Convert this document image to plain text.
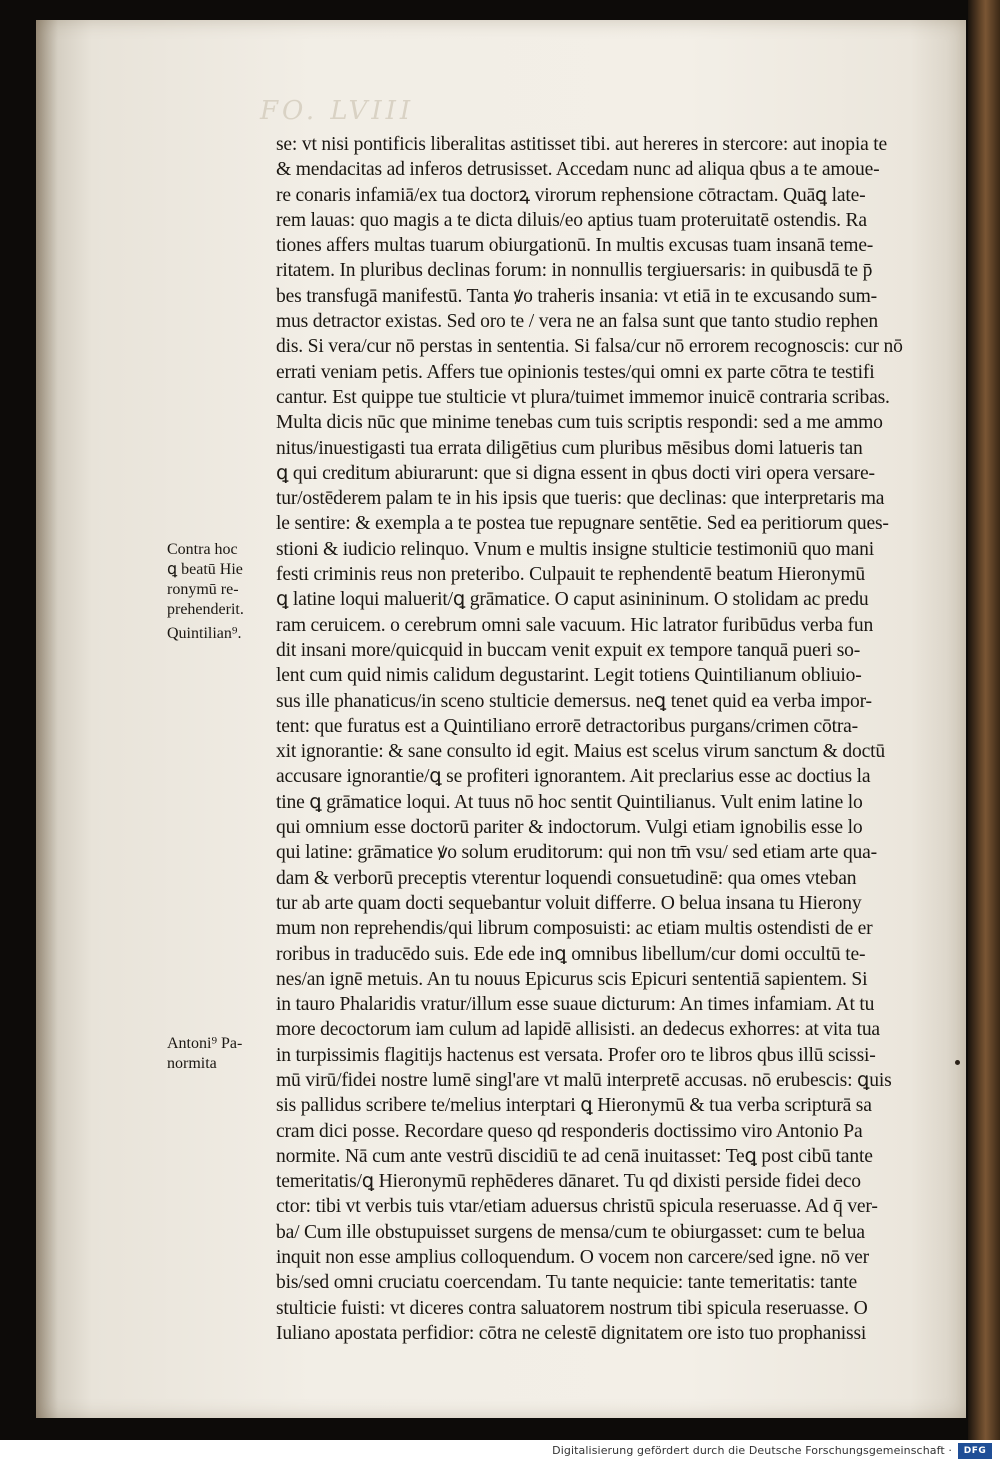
FO. LVIII
se: vt nisi pontificis liberalitas astitisset tibi. aut hereres in stercore: aut inopia te
& mendacitas ad inferos detrusisset. Accedam nunc ad aliqua qbus a te amoue-
re conaris infamiā/ex tua doctorꝝ virorum rephensione cōtractam. Quāꝗ late-
rem lauas: quo magis a te dicta diluis/eo aptius tuam proteruitatē ostendis. Ra
tiones affers multas tuarum obiurgationū. In multis excusas tuam insanā teme-
ritatem. In pluribus declinas forum: in nonnullis tergiuersaris: in quibusdā te p̄
bes transfugā manifestū. Tanta ꝟo traheris insania: vt etiā in te excusando sum-
mus detractor existas. Sed oro te / vera ne an falsa sunt que tanto studio rephen
dis. Si vera/cur nō perstas in sententia. Si falsa/cur nō errorem recognoscis: cur nō
errati veniam petis. Affers tue opinionis testes/qui omni ex parte cōtra te testifi
cantur. Est quippe tue stulticie vt plura/tuimet immemor inuicē contraria scribas.
Multa dicis nūc que minime tenebas cum tuis scriptis respondi: sed a me ammo
nitus/inuestigasti tua errata diligētius cum pluribus mēsibus domi latueris tan
ꝗ qui creditum abiurarunt: que si digna essent in qbus docti viri opera versare-
tur/ostēderem palam te in his ipsis que tueris: que declinas: que interpretaris ma
le sentire: & exempla a te postea tue repugnare sentētie. Sed ea peritiorum ques-
stioni & iudicio relinquo. Vnum e multis insigne stulticie testimoniū quo mani
festi criminis reus non preteribo. Culpauit te rephendentē beatum Hieronymū
ꝗ latine loqui maluerit/ꝗ grāmatice. O caput asinininum. O stolidam ac predu
ram ceruicem. o cerebrum omni sale vacuum. Hic latrator furibūdus verba fun
dit insani more/quicquid in buccam venit expuit ex tempore tanquā pueri so-
lent cum quid nimis calidum degustarint. Legit totiens Quintilianum obliuio-
sus ille phanaticus/in sceno stulticie demersus. neꝗ tenet quid ea verba impor-
tent: que furatus est a Quintiliano errorē detractoribus purgans/crimen cōtra-
xit ignorantie: & sane consulto id egit. Maius est scelus virum sanctum & doctū
accusare ignorantie/ꝗ se profiteri ignorantem. Ait preclarius esse ac doctius la
tine ꝗ grāmatice loqui. At tuus nō hoc sentit Quintilianus. Vult enim latine lo
qui omnium esse doctorū pariter & indoctorum. Vulgi etiam ignobilis esse lo
qui latine: grāmatice ꝟo solum eruditorum: qui non tm̄ vsu/ sed etiam arte qua-
dam & verborū preceptis vterentur loquendi consuetudinē: qua omes vteban
tur ab arte quam docti sequebantur voluit differre. O belua insana tu Hierony
mum non reprehendis/qui librum composuisti: ac etiam multis ostendisti de er
roribus in traducēdo suis. Ede ede inꝗ omnibus libellum/cur domi occultū te-
nes/an ignē metuis. An tu nouus Epicurus scis Epicuri sententiā sapientem. Si
in tauro Phalaridis vratur/illum esse suaue dicturum: An times infamiam. At tu
more decoctorum iam culum ad lapidē allisisti. an dedecus exhorres: at vita tua
in turpissimis flagitijs hactenus est versata. Profer oro te libros qbus illū scissi-
mū virū/fidei nostre lumē singl'are vt malū interpretē accusas. nō erubescis: ꝗuis
sis pallidus scribere te/melius interptari ꝗ Hieronymū & tua verba scripturā sa
cram dici posse. Recordare queso qd responderis doctissimo viro Antonio Pa
normite. Nā cum ante vestrū discidiū te ad cenā inuitasset: Teꝗ post cibū tante
temeritatis/ꝗ Hieronymū rephēderes dānaret. Tu qd dixisti perside fidei deco
ctor: tibi vt verbis tuis vtar/etiam aduersus christū spicula reseruasse. Ad q̄ ver-
ba/ Cum ille obstupuisset surgens de mensa/cum te obiurgasset: cum te belua
inquit non esse amplius colloquendum. O vocem non carcere/sed igne. nō ver
bis/sed omni cruciatu coercendam. Tu tante nequicie: tante temeritatis: tante
stulticie fuisti: vt diceres contra saluatorem nostrum tibi spicula reseruasse. O
Iuliano apostata perfidior: cōtra ne celestē dignitatem ore isto tuo prophanissi
Contra hoc
ꝗ beatū Hie
ronymū re-
prehenderit.
Quintilian⁹.
Antoni⁹ Pa-
normita
Digitalisierung gefördert durch die Deutsche Forschungsgemeinschaft ·	DFG
